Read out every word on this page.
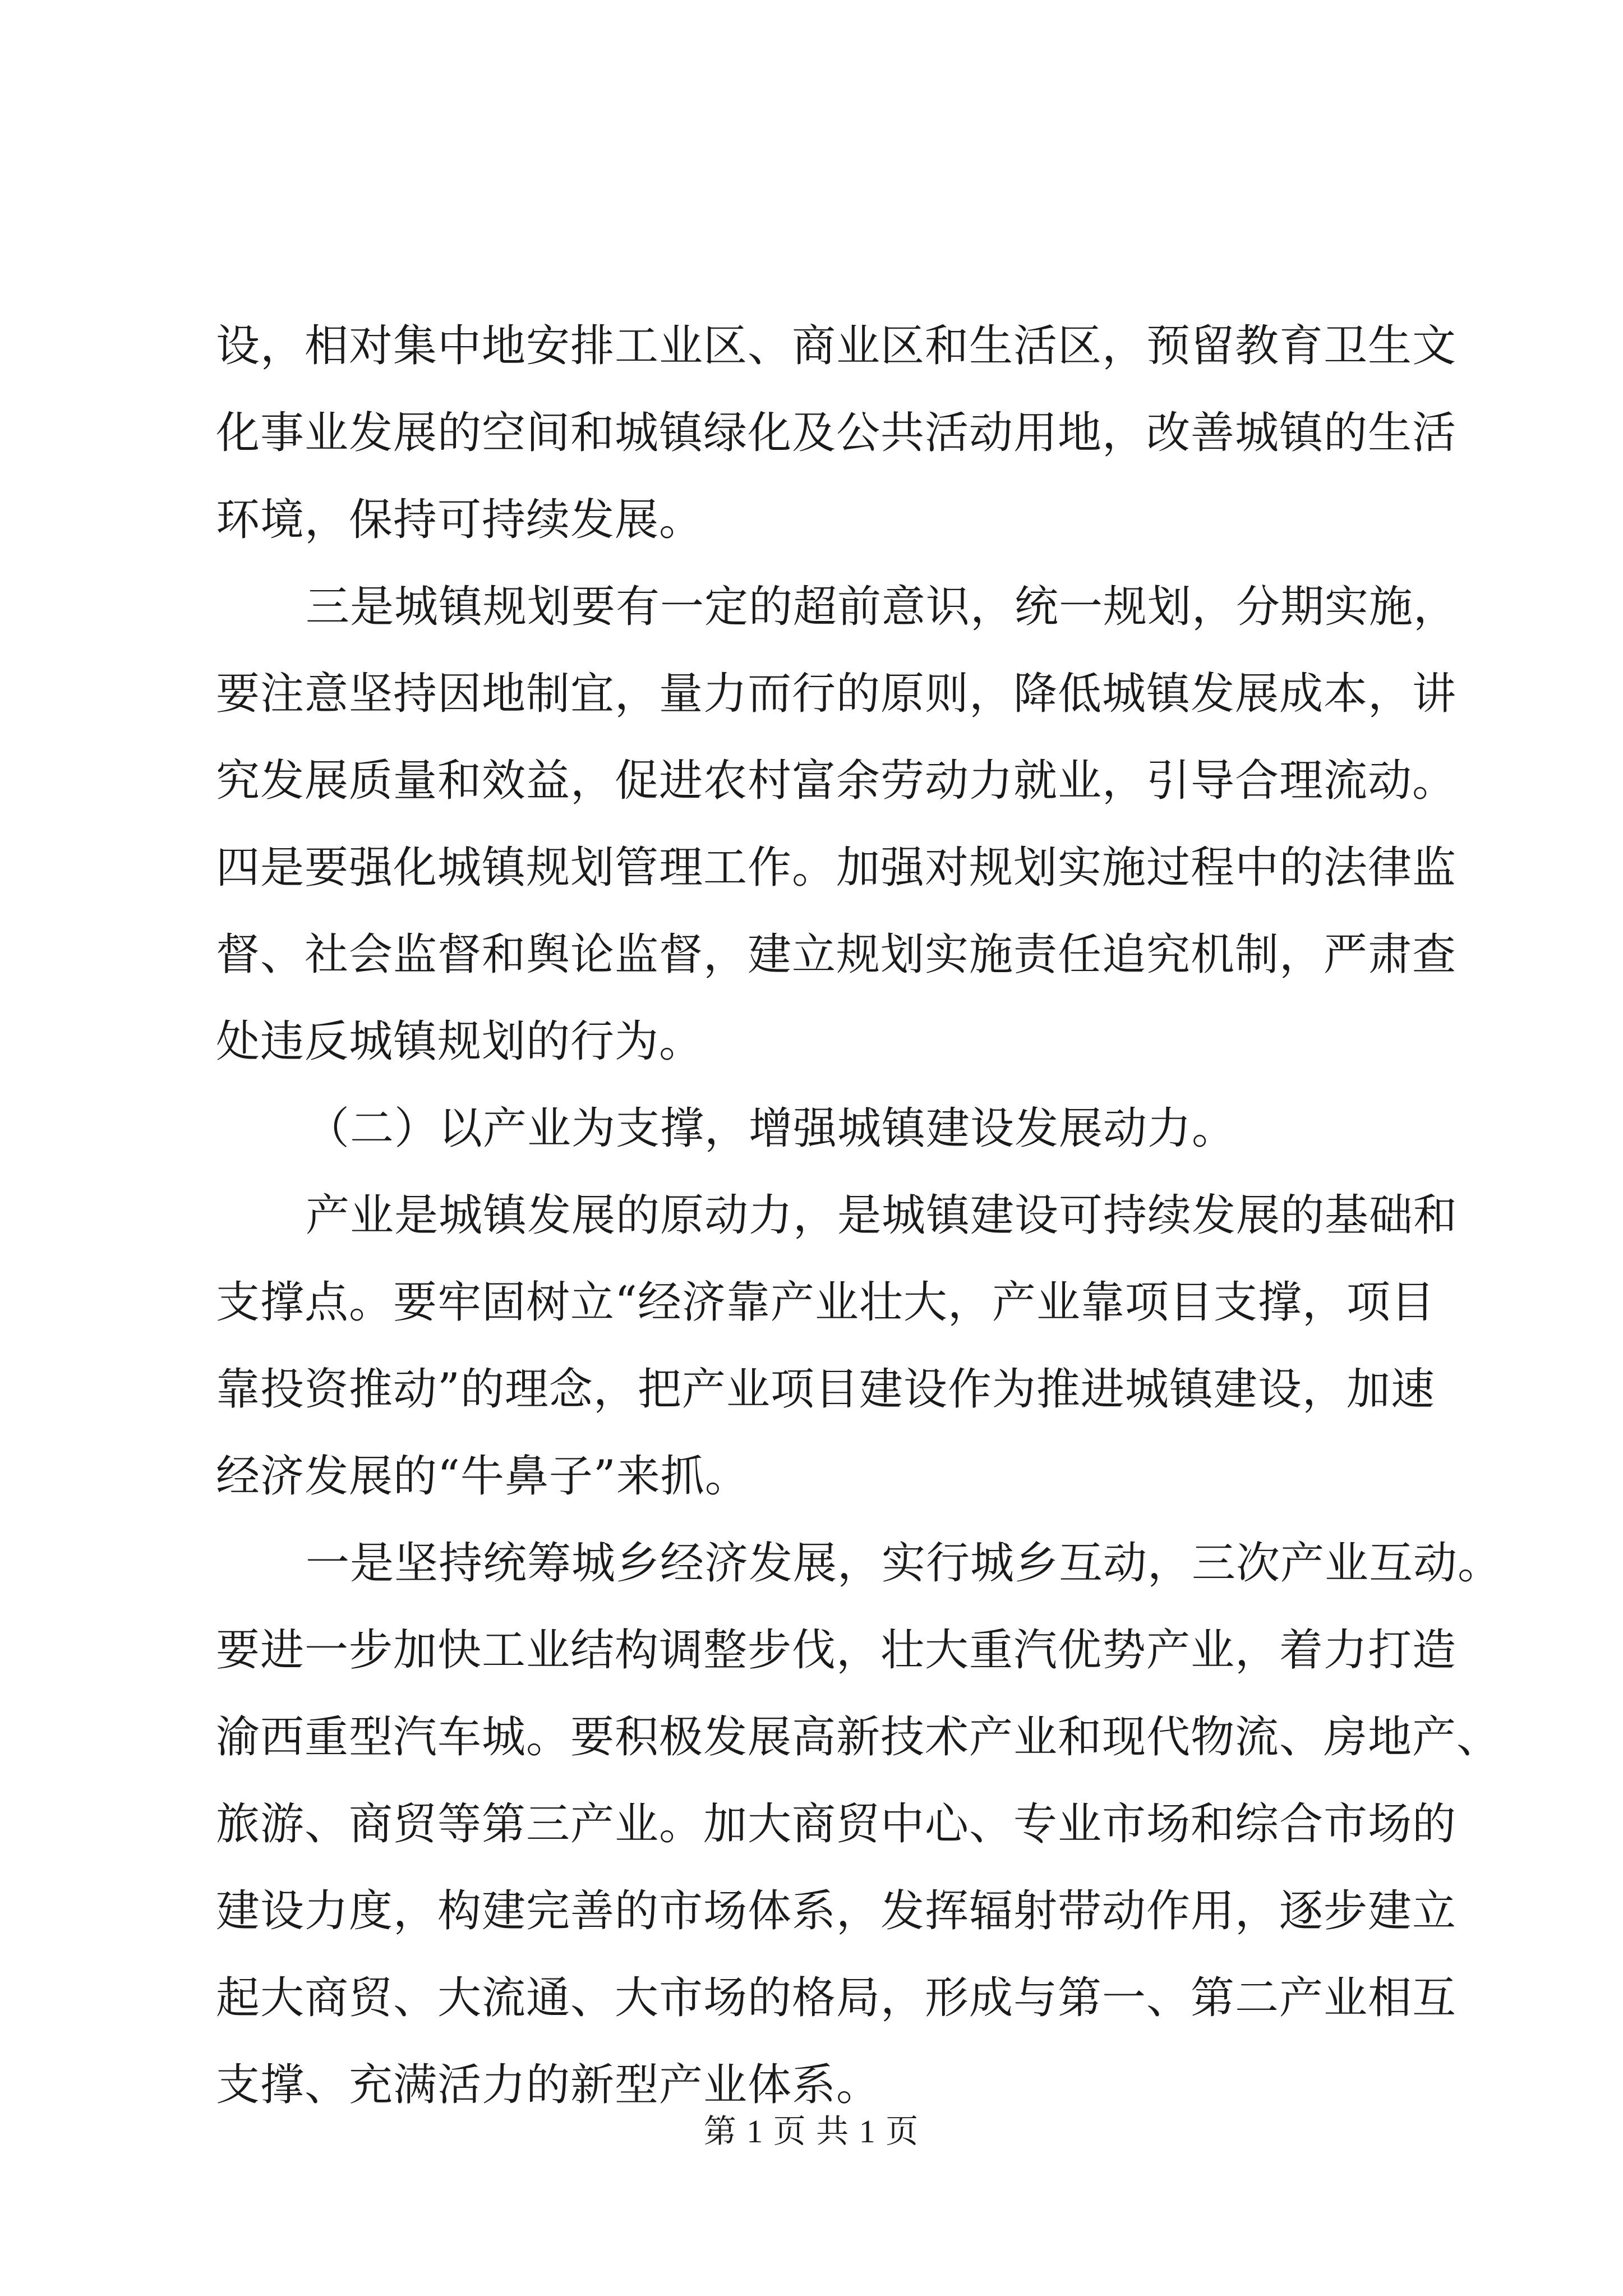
设，相对集中地安排工业区、商业区和生活区，预留教育卫生文
化事业发展的空间和城镇绿化及公共活动用地，改善城镇的生活
环境，保持可持续发展。
三是城镇规划要有一定的超前意识，统一规划，分期实施，
要注意坚持因地制宜，量力而行的原则，降低城镇发展成本，讲
究发展质量和效益，促进农村富余劳动力就业，引导合理流动。
四是要强化城镇规划管理工作。加强对规划实施过程中的法律监
督、社会监督和舆论监督，建立规划实施责任追究机制，严肃查
处违反城镇规划的行为。
（二）以产业为支撑，增强城镇建设发展动力。
产业是城镇发展的原动力，是城镇建设可持续发展的基础和
支撑点。要牢固树立“经济靠产业壮大，产业靠项目支撑，项目
靠投资推动”的理念，把产业项目建设作为推进城镇建设，加速
经济发展的“牛鼻子”来抓。
一是坚持统筹城乡经济发展，实行城乡互动，三次产业互动。
要进一步加快工业结构调整步伐，壮大重汽优势产业，着力打造
渝西重型汽车城。要积极发展高新技术产业和现代物流、房地产、
旅游、商贸等第三产业。加大商贸中心、专业市场和综合市场的
建设力度，构建完善的市场体系，发挥辐射带动作用，逐步建立
起大商贸、大流通、大市场的格局，形成与第一、第二产业相互
支撑、充满活力的新型产业体系。
第 1 页 共 1 页
